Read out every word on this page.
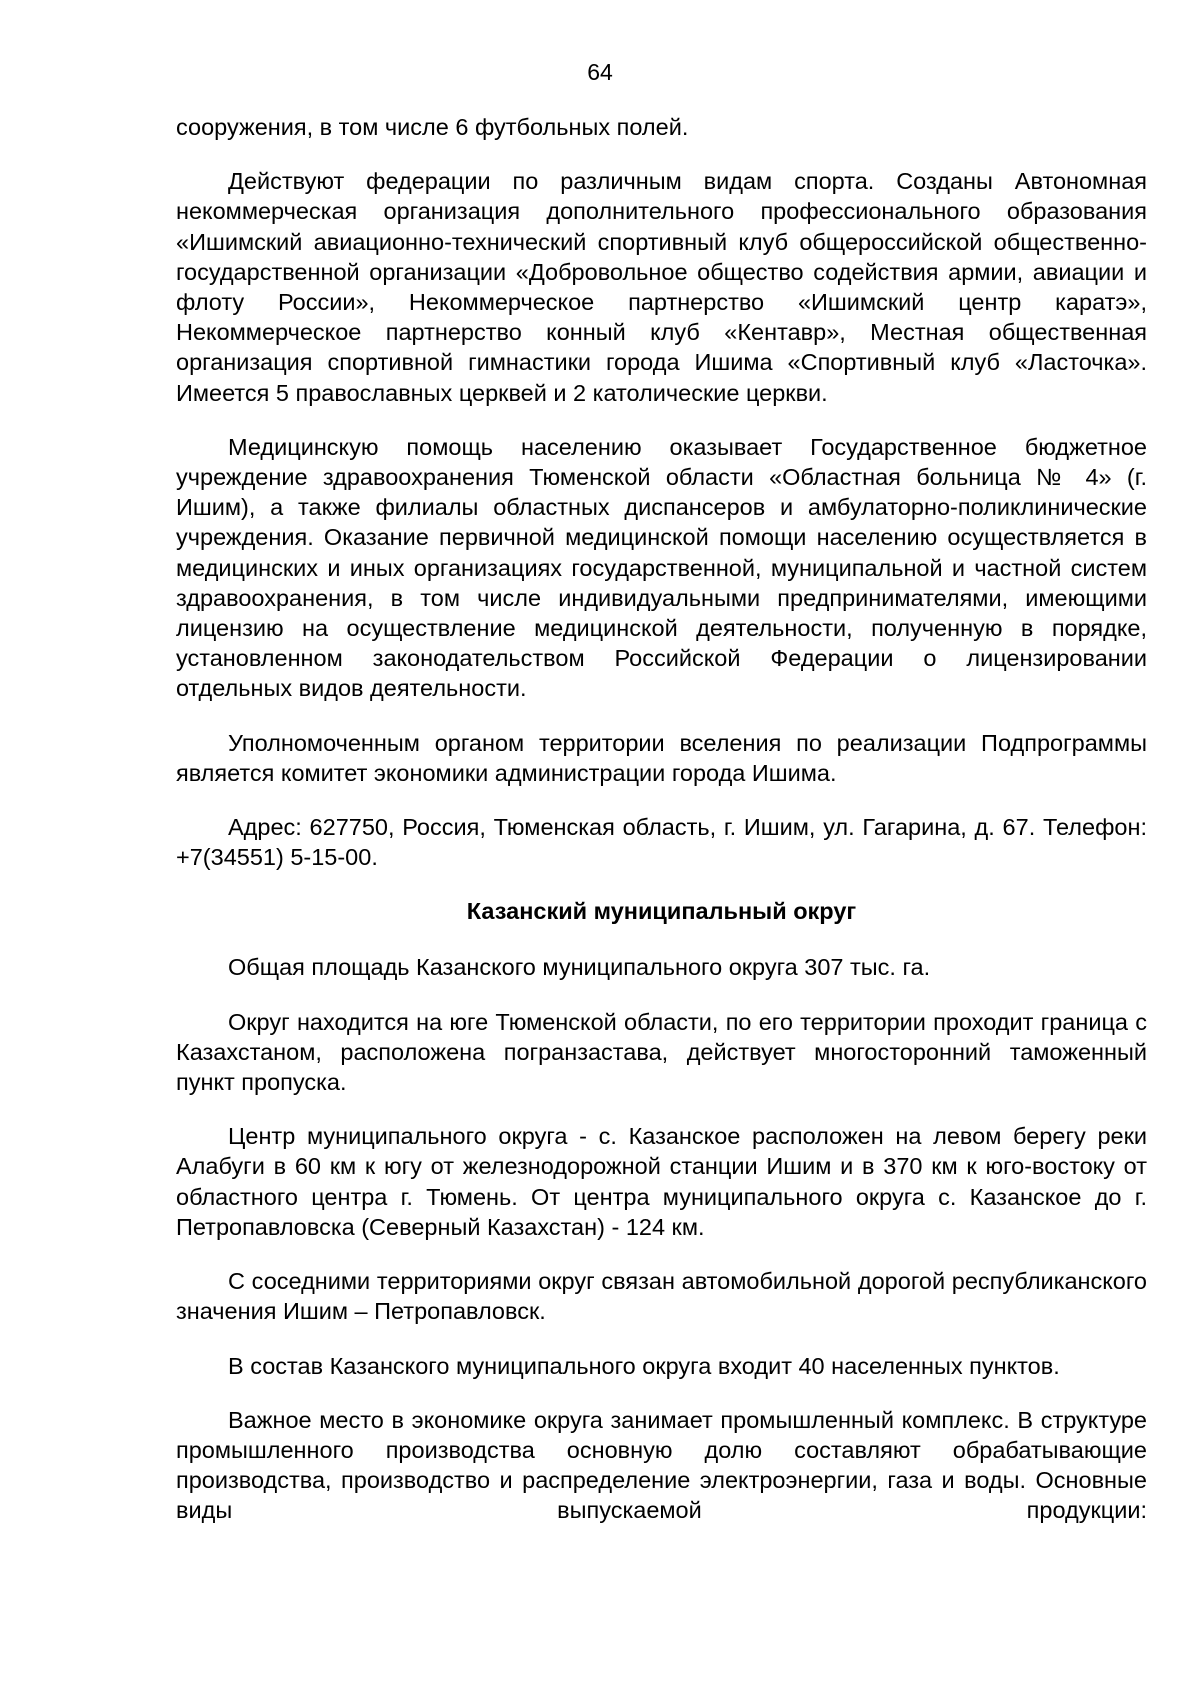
64

сооружения, в том числе 6 футбольных полей.

Действуют федерации по различным видам спорта. Созданы Автономная некоммерческая организация дополнительного профессионального образования «Ишимский авиационно-технический спортивный клуб общероссийской общественно-государственной организации «Добровольное общество содействия армии, авиации и флоту России», Некоммерческое партнерство «Ишимский центр каратэ», Некоммерческое партнерство конный клуб «Кентавр», Местная общественная организация спортивной гимнастики города Ишима «Спортивный клуб «Ласточка». Имеется 5 православных церквей и 2 католические церкви.

Медицинскую помощь населению оказывает Государственное бюджетное учреждение здравоохранения Тюменской области «Областная больница № 4» (г. Ишим), а также филиалы областных диспансеров и амбулаторно-поликлинические учреждения. Оказание первичной медицинской помощи населению осуществляется в медицинских и иных организациях государственной, муниципальной и частной систем здравоохранения, в том числе индивидуальными предпринимателями, имеющими лицензию на осуществление медицинской деятельности, полученную в порядке, установленном законодательством Российской Федерации о лицензировании отдельных видов деятельности.

Уполномоченным органом территории вселения по реализации Подпрограммы является комитет экономики администрации города Ишима.

Адрес: 627750, Россия, Тюменская область, г. Ишим, ул. Гагарина, д. 67. Телефон: +7(34551) 5-15-00.

Казанский муниципальный округ

Общая площадь Казанского муниципального округа 307 тыс. га.

Округ находится на юге Тюменской области, по его территории проходит граница с Казахстаном, расположена погранзастава, действует многосторонний таможенный пункт пропуска.

Центр муниципального округа - с. Казанское расположен на левом берегу реки Алабуги в 60 км к югу от железнодорожной станции Ишим и в 370 км к юго-востоку от областного центра г. Тюмень. От центра муниципального округа с. Казанское до г. Петропавловска (Северный Казахстан) - 124 км.

С соседними территориями округ связан автомобильной дорогой республиканского значения Ишим – Петропавловск.

В состав Казанского муниципального округа входит 40 населенных пунктов.

Важное место в экономике округа занимает промышленный комплекс. В структуре промышленного производства основную долю составляют обрабатывающие производства, производство и распределение электроэнергии, газа и воды. Основные виды выпускаемой продукции:
